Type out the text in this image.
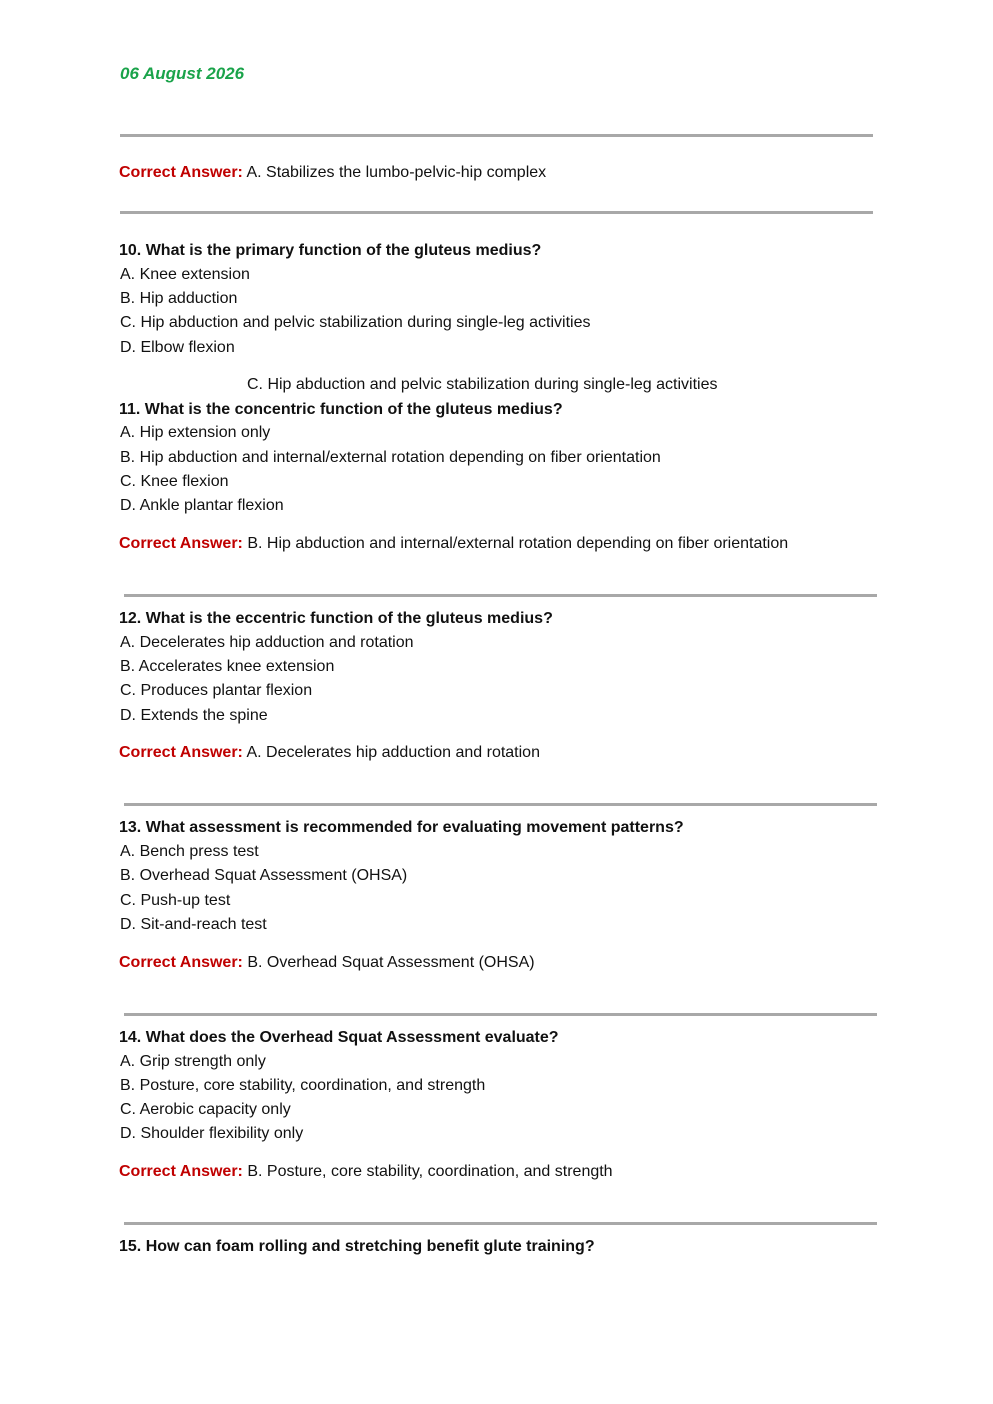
06 August 2026
Correct Answer: A. Stabilizes the lumbo-pelvic-hip complex
10. What is the primary function of the gluteus medius?
A. Knee extension
B. Hip adduction
C. Hip abduction and pelvic stabilization during single-leg activities
D. Elbow flexion
C. Hip abduction and pelvic stabilization during single-leg activities
11. What is the concentric function of the gluteus medius?
A. Hip extension only
B. Hip abduction and internal/external rotation depending on fiber orientation
C. Knee flexion
D. Ankle plantar flexion
Correct Answer: B. Hip abduction and internal/external rotation depending on fiber orientation
12. What is the eccentric function of the gluteus medius?
A. Decelerates hip adduction and rotation
B. Accelerates knee extension
C. Produces plantar flexion
D. Extends the spine
Correct Answer: A. Decelerates hip adduction and rotation
13. What assessment is recommended for evaluating movement patterns?
A. Bench press test
B. Overhead Squat Assessment (OHSA)
C. Push-up test
D. Sit-and-reach test
Correct Answer: B. Overhead Squat Assessment (OHSA)
14. What does the Overhead Squat Assessment evaluate?
A. Grip strength only
B. Posture, core stability, coordination, and strength
C. Aerobic capacity only
D. Shoulder flexibility only
Correct Answer: B. Posture, core stability, coordination, and strength
15. How can foam rolling and stretching benefit glute training?
